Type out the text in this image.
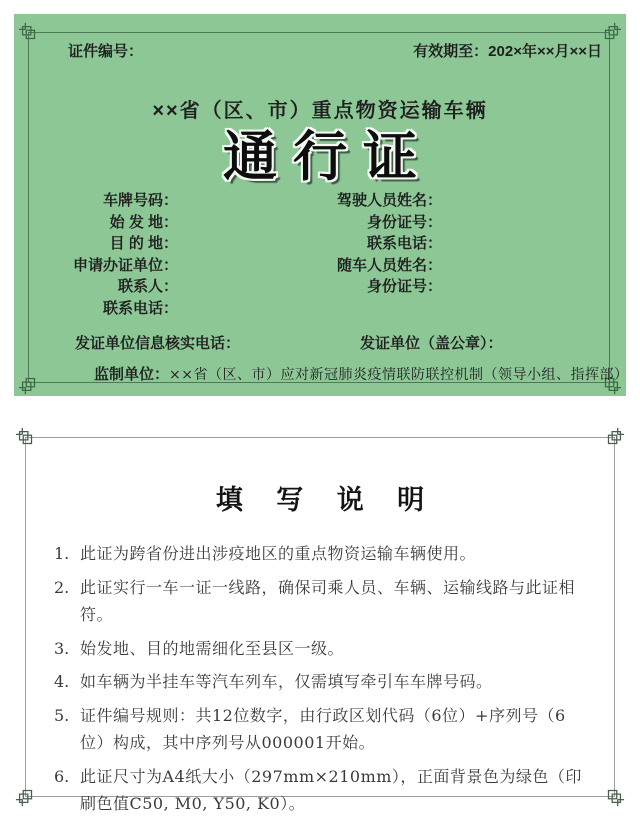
证件编号：	有效期至：202×年××月××日
××省（区、市）重点物资运输车辆
通行证
车牌号码：
始 发 地：
目 的 地：
申请办证单位：
联系人：
联系电话：
驾驶人员姓名：
身份证号：
联系电话：
随车人员姓名：
身份证号：
发证单位信息核实电话：	发证单位（盖公章）：
监制单位：××省（区、市）应对新冠肺炎疫情联防联控机制（领导小组、指挥部）
填 写 说 明
1. 此证为跨省份进出涉疫地区的重点物资运输车辆使用。
2. 此证实行一车一证一线路，确保司乘人员、车辆、运输线路与此证相符。
3. 始发地、目的地需细化至县区一级。
4. 如车辆为半挂车等汽车列车，仅需填写牵引车车牌号码。
5. 证件编号规则：共12位数字，由行政区划代码（6位）+序列号（6位）构成，其中序列号从000001开始。
6. 此证尺寸为A4纸大小（297mm×210mm），正面背景色为绿色（印刷色值C50, M0, Y50, K0）。
